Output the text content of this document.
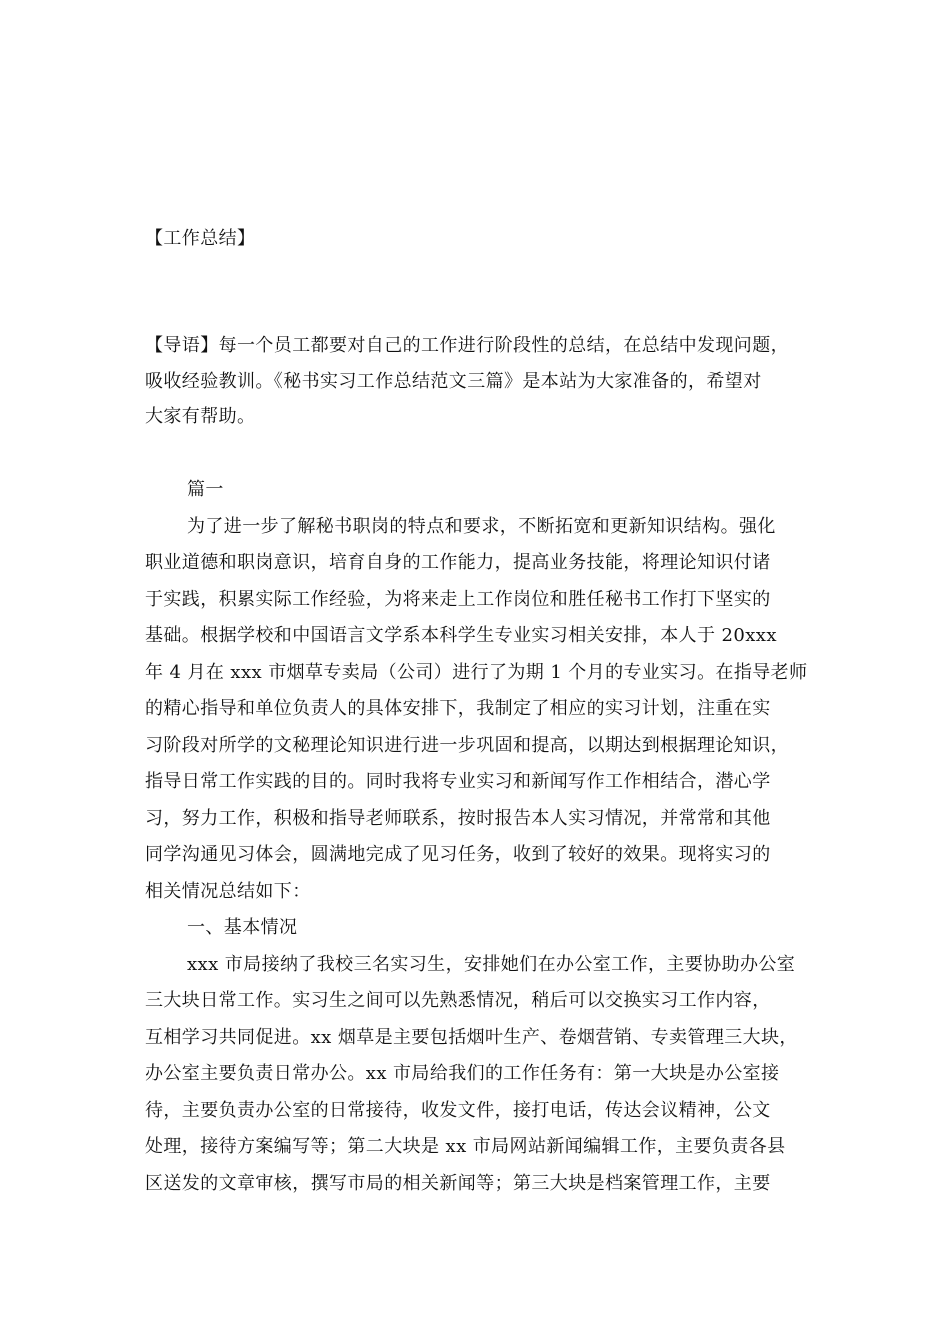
【工作总结】
【导语】每一个员工都要对自己的工作进行阶段性的总结，在总结中发现问题，
吸收经验教训。《秘书实习工作总结范文三篇》是本站为大家准备的，希望对
大家有帮助。
篇一
为了进一步了解秘书职岗的特点和要求，不断拓宽和更新知识结构。强化
职业道德和职岗意识，培育自身的工作能力，提高业务技能，将理论知识付诸
于实践，积累实际工作经验，为将来走上工作岗位和胜任秘书工作打下坚实的
基础。根据学校和中国语言文学系本科学生专业实习相关安排，本人于 20xxx
年 4 月在 xxx 市烟草专卖局（公司）进行了为期 1 个月的专业实习。在指导老师
的精心指导和单位负责人的具体安排下，我制定了相应的实习计划，注重在实
习阶段对所学的文秘理论知识进行进一步巩固和提高，以期达到根据理论知识，
指导日常工作实践的目的。同时我将专业实习和新闻写作工作相结合，潜心学
习，努力工作，积极和指导老师联系，按时报告本人实习情况，并常常和其他
同学沟通见习体会，圆满地完成了见习任务，收到了较好的效果。现将实习的
相关情况总结如下：
一、基本情况
xxx 市局接纳了我校三名实习生，安排她们在办公室工作，主要协助办公室
三大块日常工作。实习生之间可以先熟悉情况，稍后可以交换实习工作内容，
互相学习共同促进。xx 烟草是主要包括烟叶生产、卷烟营销、专卖管理三大块，
办公室主要负责日常办公。xx 市局给我们的工作任务有：第一大块是办公室接
待，主要负责办公室的日常接待，收发文件，接打电话，传达会议精神，公文
处理，接待方案编写等；第二大块是 xx 市局网站新闻编辑工作，主要负责各县
区送发的文章审核，撰写市局的相关新闻等；第三大块是档案管理工作，主要
